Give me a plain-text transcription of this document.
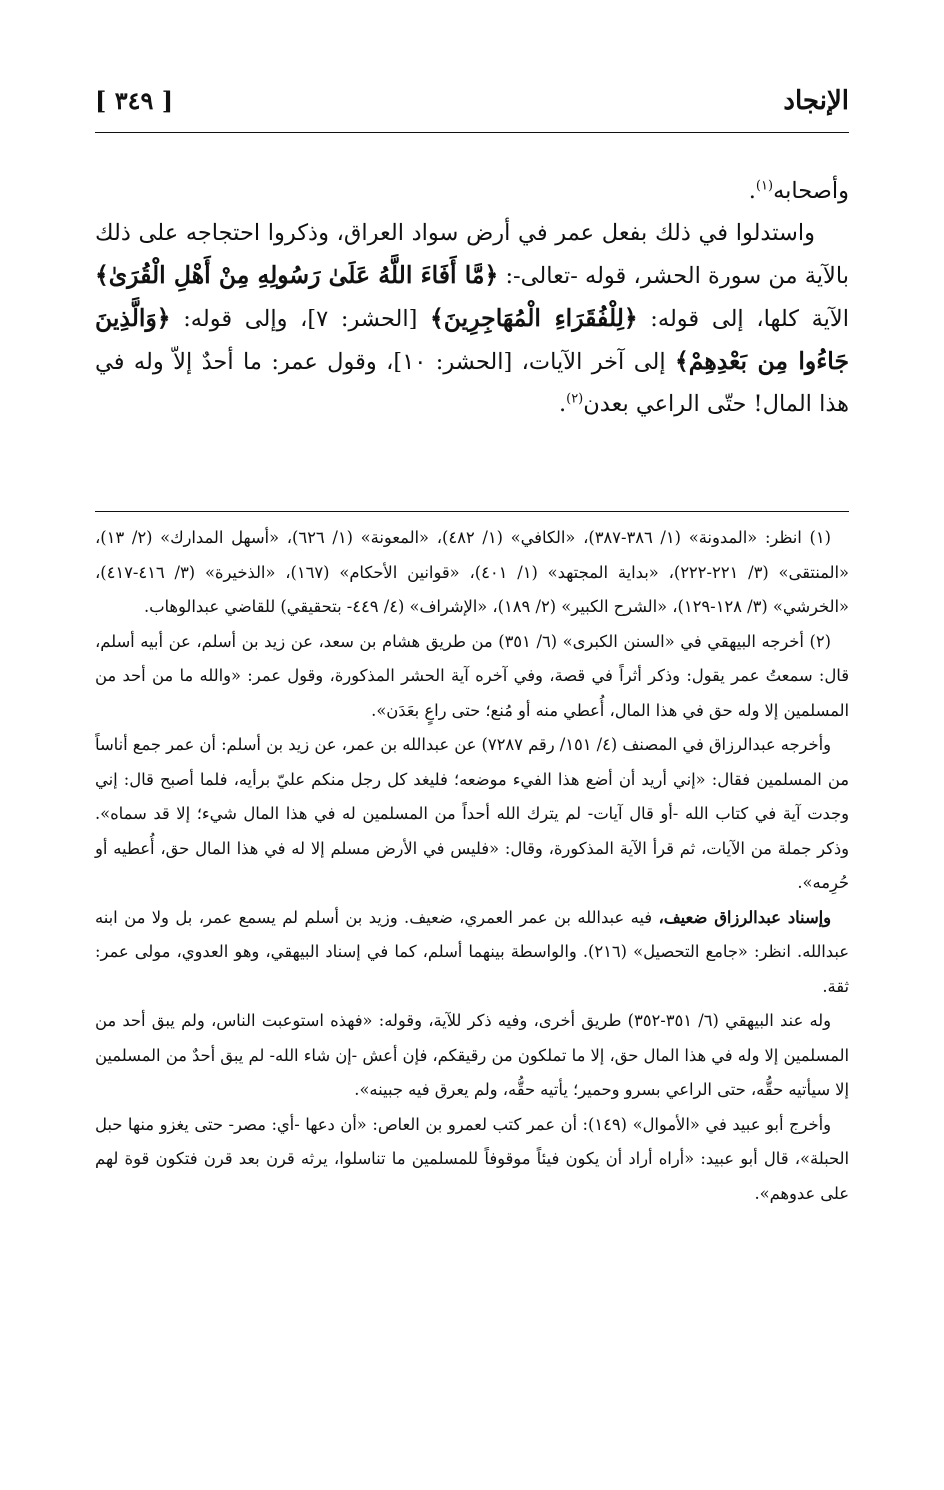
الإنجاد
[ ٣٤٩ ]

وأصحابه$^{(١)}$.

واستدلوا في ذلك بفعل عمر في أرض سواد العراق، وذكروا احتجاجه على ذلك بالآية من سورة الحشر، قوله -تعالى-: ﴿مَّا أَفَاءَ اللَّهُ عَلَىٰ رَسُولِهِ مِنْ أَهْلِ الْقُرَىٰ﴾ الآية كلها، إلى قوله: ﴿لِلْفُقَرَاءِ الْمُهَاجِرِينَ﴾ [الحشر: ٧]، وإلى قوله: ﴿وَالَّذِينَ جَاءُوا مِن بَعْدِهِمْ﴾ إلى آخر الآيات، [الحشر: ١٠]، وقول عمر: ما أحدٌ إلاّ وله في هذا المال! حتّى الراعي بعدن$^{(٢)}$.

(١) انظر: «المدونة» (١/ ٣٨٦-٣٨٧)، «الكافي» (١/ ٤٨٢)، «المعونة» (١/ ٦٢٦)، «أسهل المدارك» (٢/ ١٣)، «المنتقى» (٣/ ٢٢١-٢٢٢)، «بداية المجتهد» (١/ ٤٠١)، «قوانين الأحكام» (١٦٧)، «الذخيرة» (٣/ ٤١٦-٤١٧)، «الخرشي» (٣/ ١٢٨-١٢٩)، «الشرح الكبير» (٢/ ١٨٩)، «الإشراف» (٤/ ٤٤٩- بتحقيقي) للقاضي عبدالوهاب.

(٢) أخرجه البيهقي في «السنن الكبرى» (٦/ ٣٥١) من طريق هشام بن سعد، عن زيد بن أسلم، عن أبيه أسلم، قال: سمعتُ عمر يقول: وذكر أثراً في قصة، وفي آخره آية الحشر المذكورة، وقول عمر: «والله ما من أحد من المسلمين إلا وله حق في هذا المال، أُعطي منه أو مُنع؛ حتى راعٍ بعَدَن».

وأخرجه عبدالرزاق في المصنف (٤/ ١٥١/ رقم ٧٢٨٧) عن عبدالله بن عمر، عن زيد بن أسلم: أن عمر جمع أناساً من المسلمين فقال: «إني أريد أن أضع هذا الفيء موضعه؛ فليغد كل رجل منكم عليّ برأيه، فلما أصبح قال: إني وجدت آية في كتاب الله -أو قال آيات- لم يترك الله أحداً من المسلمين له في هذا المال شيء؛ إلا قد سماه». وذكر جملة من الآيات، ثم قرأ الآية المذكورة، وقال: «فليس في الأرض مسلم إلا له في هذا المال حق، أُعطيه أو حُرِمه».

وإسناد عبدالرزاق ضعيف، فيه عبدالله بن عمر العمري، ضعيف. وزيد بن أسلم لم يسمع عمر، بل ولا من ابنه عبدالله. انظر: «جامع التحصيل» (٢١٦). والواسطة بينهما أسلم، كما في إسناد البيهقي، وهو العدوي، مولى عمر: ثقة.

وله عند البيهقي (٦/ ٣٥١-٣٥٢) طريق أخرى، وفيه ذكر للآية، وقوله: «فهذه استوعبت الناس، ولم يبق أحد من المسلمين إلا وله في هذا المال حق، إلا ما تملكون من رقيقكم، فإن أعش -إن شاء الله- لم يبق أحدٌ من المسلمين إلا سيأتيه حقُّه، حتى الراعي بسرو وحمير؛ يأتيه حقُّه، ولم يعرق فيه جبينه».

وأخرج أبو عبيد في «الأموال» (١٤٩): أن عمر كتب لعمرو بن العاص: «أن دعها -أي: مصر- حتى يغزو منها حبل الحبلة»، قال أبو عبيد: «أراه أراد أن يكون فيئاً موقوفاً للمسلمين ما تناسلوا، يرثه قرن بعد قرن فتكون قوة لهم على عدوهم».
